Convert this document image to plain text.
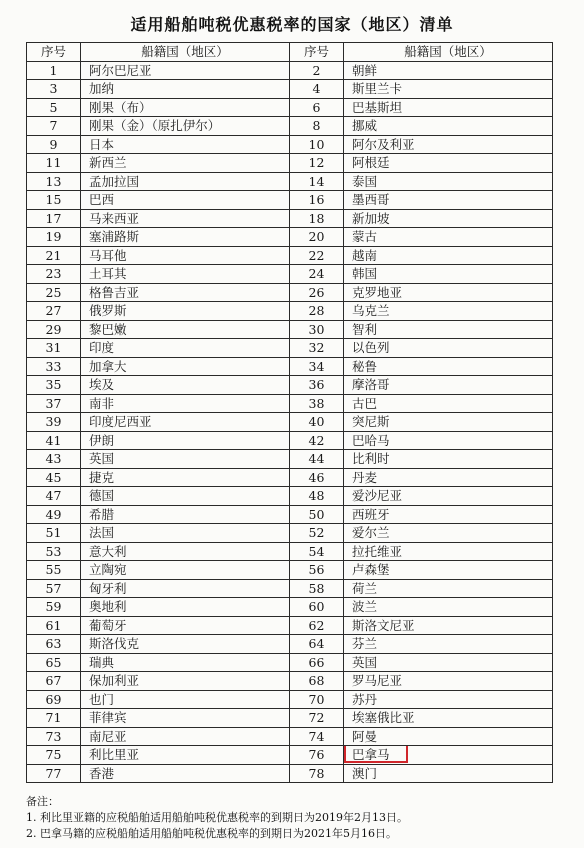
适用船舶吨税优惠税率的国家（地区）清单
序号	船籍国（地区）	序号	船籍国（地区）
1	阿尔巴尼亚	2	朝鲜
3	加纳	4	斯里兰卡
5	刚果（布）	6	巴基斯坦
7	刚果（金）（原扎伊尔）	8	挪威
9	日本	10	阿尔及利亚
11	新西兰	12	阿根廷
13	孟加拉国	14	泰国
15	巴西	16	墨西哥
17	马来西亚	18	新加坡
19	塞浦路斯	20	蒙古
21	马耳他	22	越南
23	土耳其	24	韩国
25	格鲁吉亚	26	克罗地亚
27	俄罗斯	28	乌克兰
29	黎巴嫩	30	智利
31	印度	32	以色列
33	加拿大	34	秘鲁
35	埃及	36	摩洛哥
37	南非	38	古巴
39	印度尼西亚	40	突尼斯
41	伊朗	42	巴哈马
43	英国	44	比利时
45	捷克	46	丹麦
47	德国	48	爱沙尼亚
49	希腊	50	西班牙
51	法国	52	爱尔兰
53	意大利	54	拉托维亚
55	立陶宛	56	卢森堡
57	匈牙利	58	荷兰
59	奥地利	60	波兰
61	葡萄牙	62	斯洛文尼亚
63	斯洛伐克	64	芬兰
65	瑞典	66	英国
67	保加利亚	68	罗马尼亚
69	也门	70	苏丹
71	菲律宾	72	埃塞俄比亚
73	南尼亚	74	阿曼
75	利比里亚	76	巴拿马
77	香港	78	澳门
备注：
1. 利比里亚籍的应税船舶适用船舶吨税优惠税率的到期日为2019年2月13日。
2. 巴拿马籍的应税船舶适用船舶吨税优惠税率的到期日为2021年5月16日。
